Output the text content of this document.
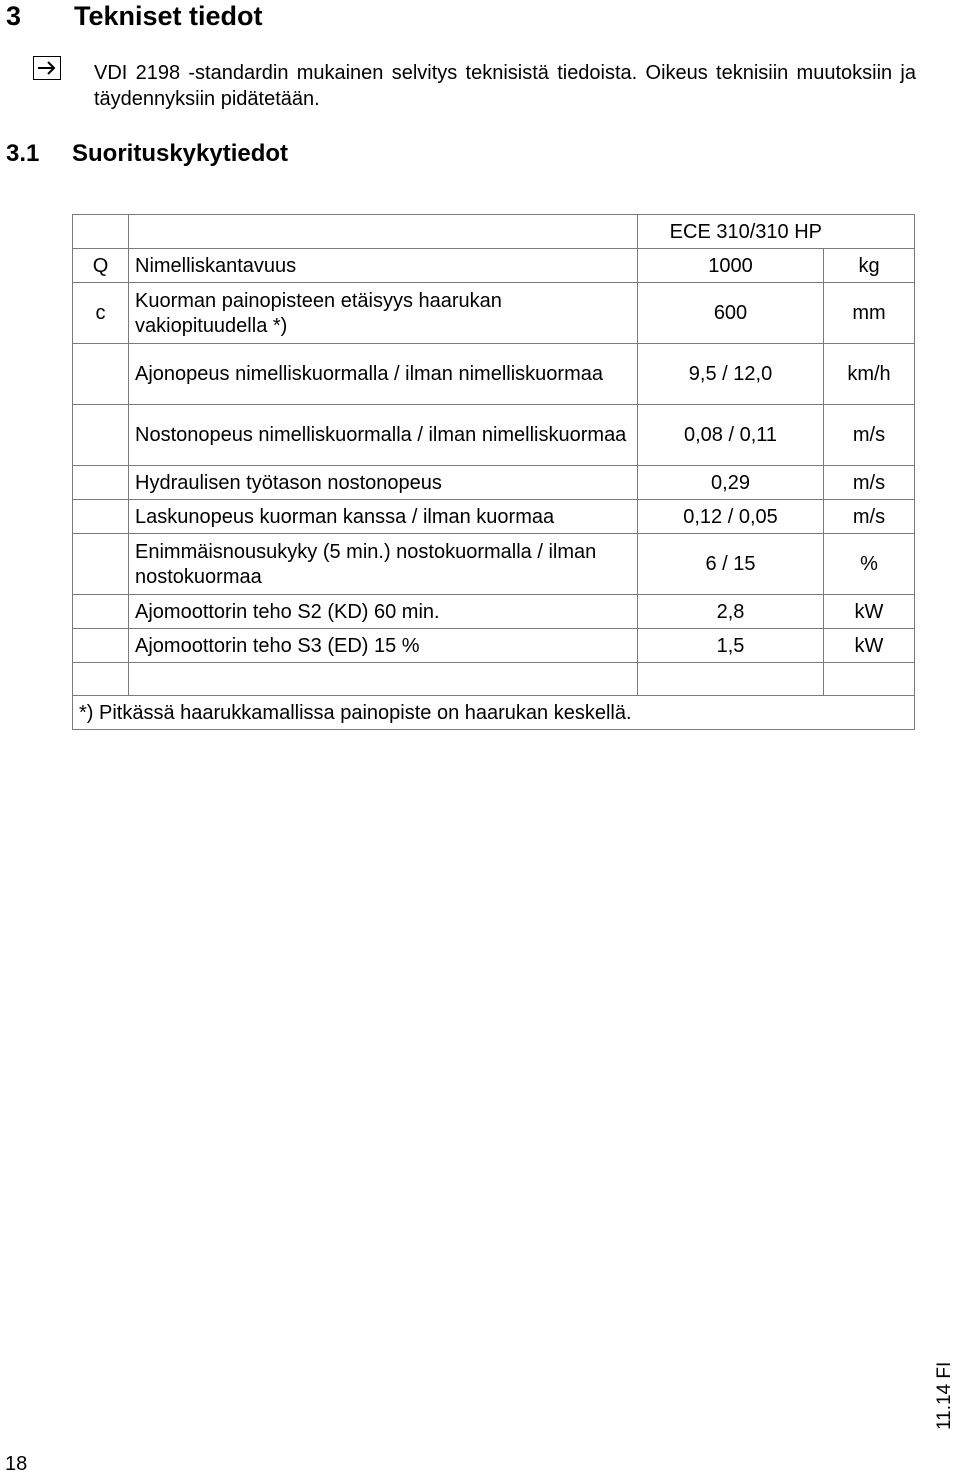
3 Tekniset tiedot
VDI 2198 -standardin mukainen selvitys teknisistä tiedoista. Oikeus teknisiin muutoksiin ja täydennyksiin pidätetään.
3.1 Suorituskykytiedot
		ECE 310/310 HP	
Q	Nimelliskantavuus	1000	kg
c	Kuorman painopisteen etäisyys haarukan vakiopituudella *)	600	mm
	Ajonopeus nimelliskuormalla / ilman nimelliskuormaa	9,5 / 12,0	km/h
	Nostonopeus nimelliskuormalla / ilman nimelliskuormaa	0,08 / 0,11	m/s
	Hydraulisen työtason nostonopeus	0,29	m/s
	Laskunopeus kuorman kanssa / ilman kuormaa	0,12 / 0,05	m/s
	Enimmäisnousukyky (5 min.) nostokuormalla / ilman nostokuormaa	6 / 15	%
	Ajomoottorin teho S2 (KD) 60 min.	2,8	kW
	Ajomoottorin teho S3 (ED) 15 %	1,5	kW

*) Pitkässä haarukkamallissa painopiste on haarukan keskellä.			
18
11.14 FI
